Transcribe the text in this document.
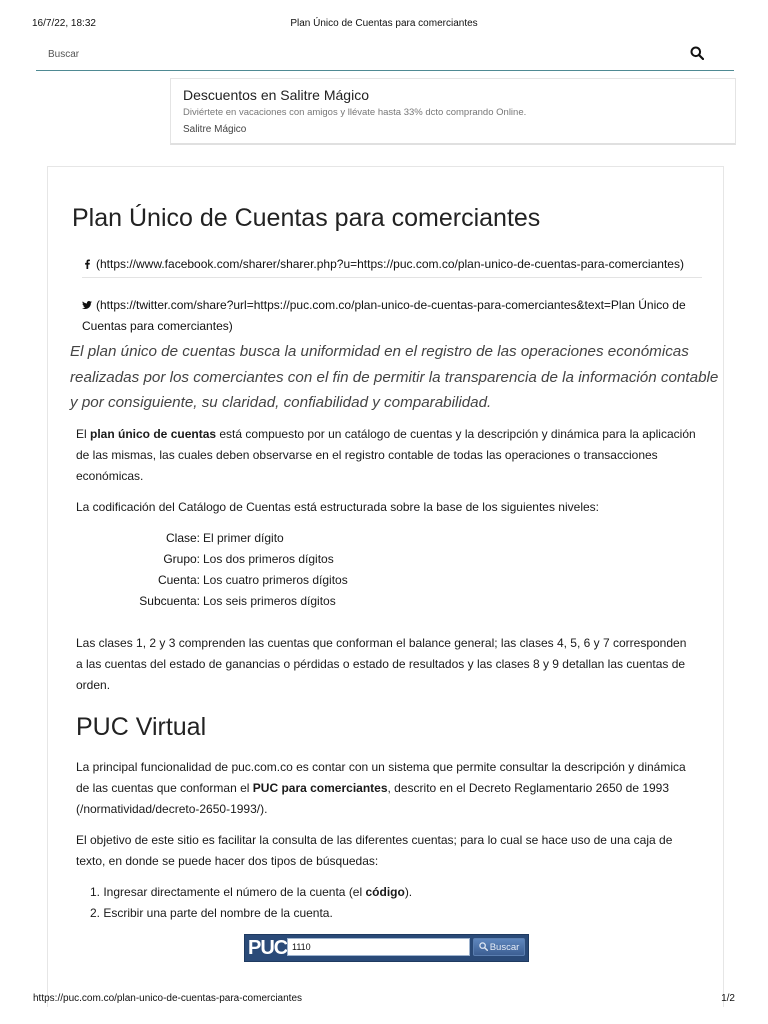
16/7/22, 18:32	Plan Único de Cuentas para comerciantes
Buscar
Descuentos en Salitre Mágico
Diviértete en vacaciones con amigos y llévate hasta 33% dcto comprando Online.
Salitre Mágico
Plan Único de Cuentas para comerciantes
(https://www.facebook.com/sharer/sharer.php?u=https://puc.com.co/plan-unico-de-cuentas-para-comerciantes)
(https://twitter.com/share?url=https://puc.com.co/plan-unico-de-cuentas-para-comerciantes&text=Plan Único de Cuentas para comerciantes)

El plan único de cuentas busca la uniformidad en el registro de las operaciones económicas realizadas por los comerciantes con el fin de permitir la transparencia de la información contable y por consiguiente, su claridad, confiabilidad y comparabilidad.

El plan único de cuentas está compuesto por un catálogo de cuentas y la descripción y dinámica para la aplicación de las mismas, las cuales deben observarse en el registro contable de todas las operaciones o transacciones económicas.

La codificación del Catálogo de Cuentas está estructurada sobre la base de los siguientes niveles:

Clase: El primer dígito
Grupo: Los dos primeros dígitos
Cuenta: Los cuatro primeros dígitos
Subcuenta: Los seis primeros dígitos

Las clases 1, 2 y 3 comprenden las cuentas que conforman el balance general; las clases 4, 5, 6 y 7 corresponden a las cuentas del estado de ganancias o pérdidas o estado de resultados y las clases 8 y 9 detallan las cuentas de orden.

PUC Virtual

La principal funcionalidad de puc.com.co es contar con un sistema que permite consultar la descripción y dinámica de las cuentas que conforman el PUC para comerciantes, descrito en el Decreto Reglamentario 2650 de 1993 (/normatividad/decreto-2650-1993/).

El objetivo de este sitio es facilitar la consulta de las diferentes cuentas; para lo cual se hace uso de una caja de texto, en donde se puede hacer dos tipos de búsquedas:

1. Ingresar directamente el número de la cuenta (el código).
2. Escribir una parte del nombre de la cuenta.
PUC
1110	Buscar
https://puc.com.co/plan-unico-de-cuentas-para-comerciantes	1/2
